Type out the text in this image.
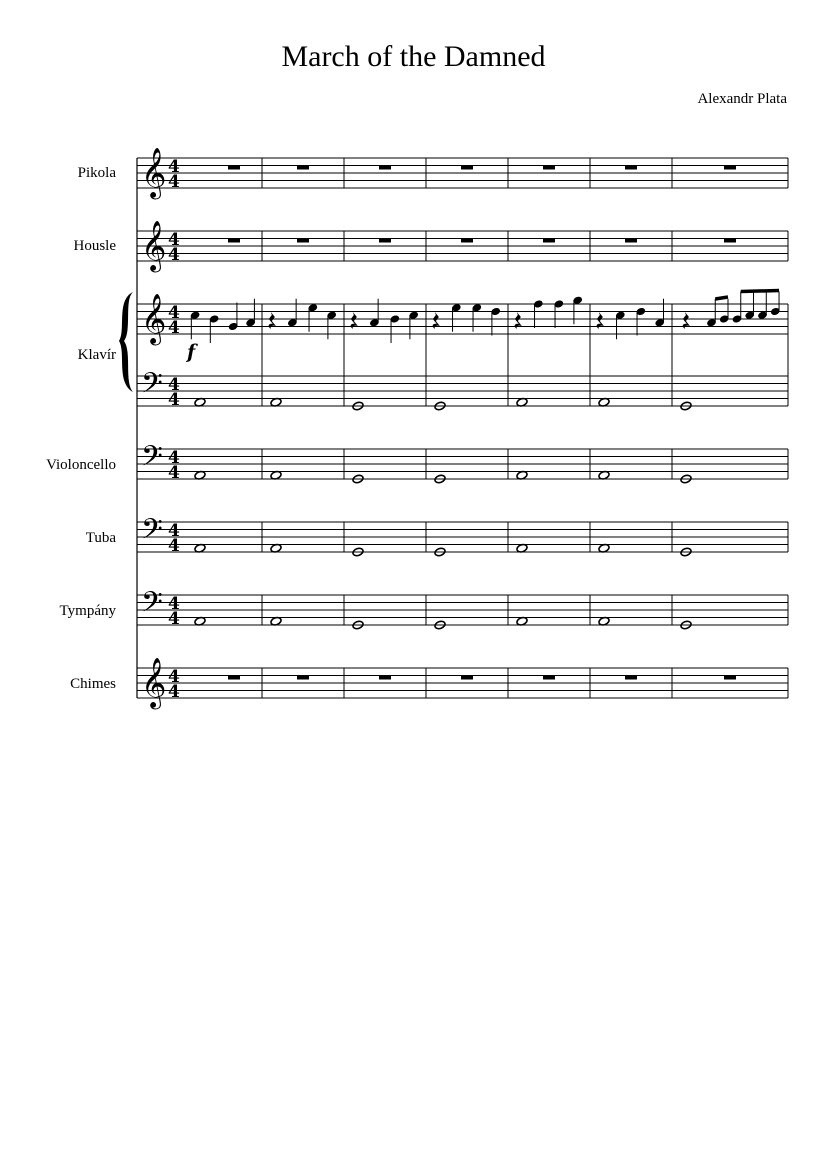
March of the Damned
Alexandr Plata
𝄞 4
4
𝄞 4
4
𝄞 4
4
𝄢 4
4
𝄢 4
4
𝄢 4
4
𝄢 4
4
𝄞 4
4
Pikola
Housle
Klavír
Violoncello
Tuba
Tympány
Chimes
f
